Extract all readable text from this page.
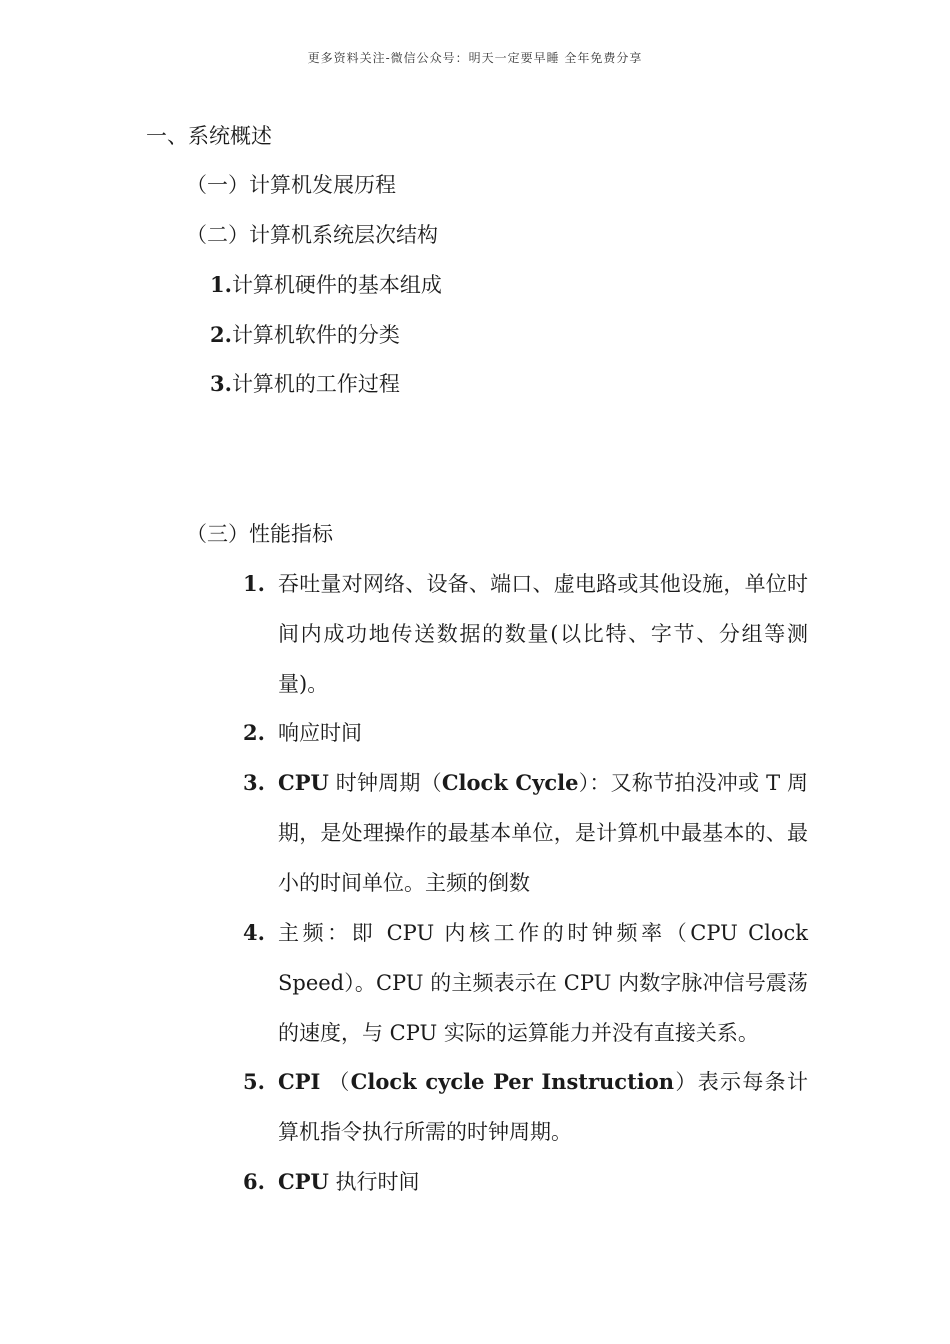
更多资料关注-微信公众号：明天一定要早睡 全年免费分享
一、系统概述
（一）计算机发展历程
（二）计算机系统层次结构
1.计算机硬件的基本组成
2.计算机软件的分类
3.计算机的工作过程
（三）性能指标
1. 吞吐量对网络、设备、端口、虚电路或其他设施，单位时间内成功地传送数据的数量(以比特、字节、分组等测量)。
2. 响应时间
3. CPU 时钟周期（Clock Cycle）：又称节拍没冲或 T 周期，是处理操作的最基本单位，是计算机中最基本的、最小的时间单位。主频的倒数
4. 主频：即 CPU 内核工作的时钟频率（CPU Clock Speed）。CPU 的主频表示在 CPU 内数字脉冲信号震荡的速度，与 CPU 实际的运算能力并没有直接关系。
5. CPI （Clock cycle Per Instruction）表示每条计算机指令执行所需的时钟周期。
6. CPU 执行时间
